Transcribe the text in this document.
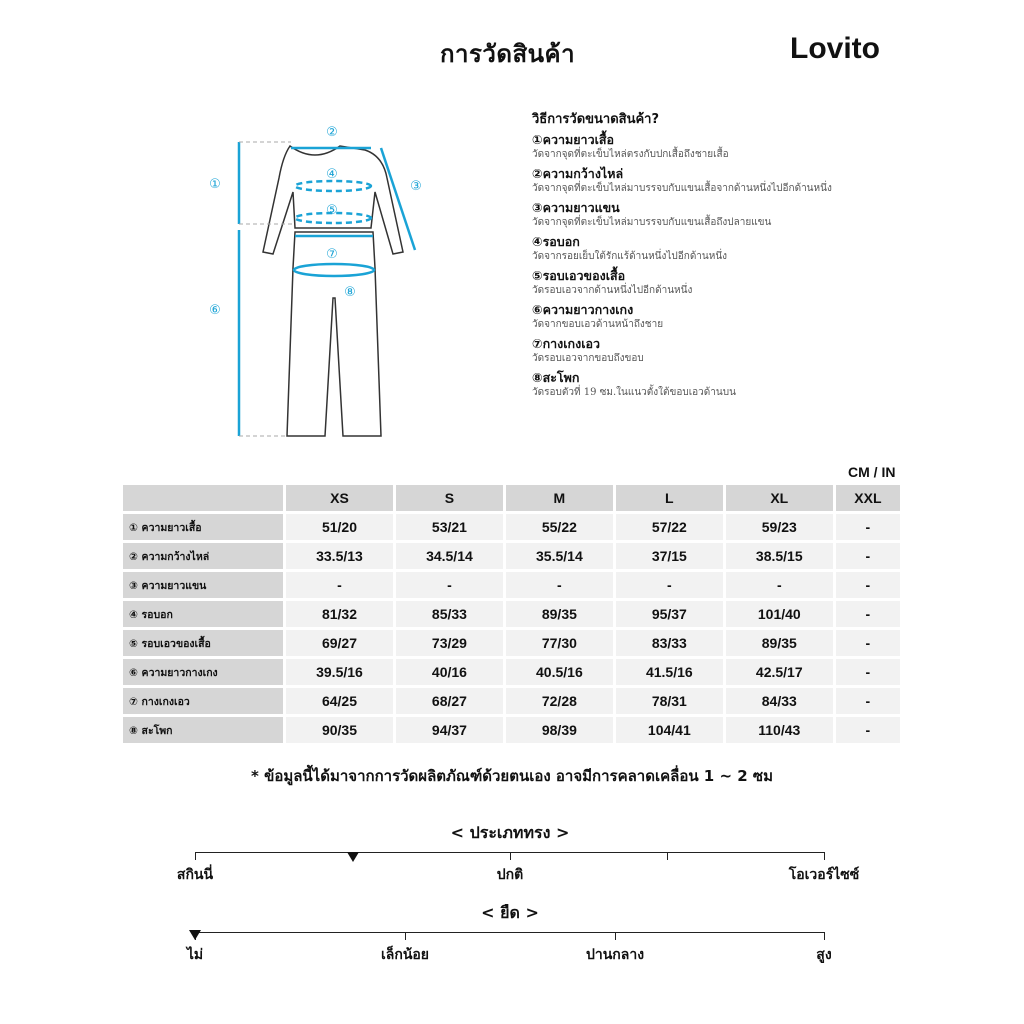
การวัดสินค้า	Lovito
①
②
③
④
⑤
⑥
⑦
⑧
วิธีการวัดขนาดสินค้า?
①ความยาวเสื้อ
วัดจากจุดที่ตะเข็บไหล่ตรงกับปกเสื้อถึงชายเสื้อ
②ความกว้างไหล่
วัดจากจุดที่ตะเข็บไหล่มาบรรจบกับแขนเสื้อจากด้านหนึ่งไปอีกด้านหนึ่ง
③ความยาวแขน
วัดจากจุดที่ตะเข็บไหล่มาบรรจบกับแขนเสื้อถึงปลายแขน
④รอบอก
วัดจากรอยเย็บใต้รักแร้ด้านหนึ่งไปอีกด้านหนึ่ง
⑤รอบเอวของเสื้อ
วัดรอบเอวจากด้านหนึ่งไปอีกด้านหนึ่ง
⑥ความยาวกางเกง
วัดจากขอบเอวด้านหน้าถึงชาย
⑦กางเกงเอว
วัดรอบเอวจากขอบถึงขอบ
⑧สะโพก
วัดรอบตัวที่ 19 ซม.ในแนวตั้งใต้ขอบเอวด้านบน
CM / IN
	XS	S	M	L	XL	XXL
① ความยาวเสื้อ	51/20	53/21	55/22	57/22	59/23	-
② ความกว้างไหล่	33.5/13	34.5/14	35.5/14	37/15	38.5/15	-
③ ความยาวแขน	-	-	-	-	-	-
④ รอบอก	81/32	85/33	89/35	95/37	101/40	-
⑤ รอบเอวของเสื้อ	69/27	73/29	77/30	83/33	89/35	-
⑥ ความยาวกางเกง	39.5/16	40/16	40.5/16	41.5/16	42.5/17	-
⑦ กางเกงเอว	64/25	68/27	72/28	78/31	84/33	-
⑧ สะโพก	90/35	94/37	98/39	104/41	110/43	-
* ข้อมูลนี้ได้มาจากการวัดผลิตภัณฑ์ด้วยตนเอง อาจมีการคลาดเคลื่อน 1 ~ 2 ซม
< ประเภททรง >
สกินนี่	ปกติ	โอเวอร์ไซซ์
< ยืด >
ไม่	เล็กน้อย	ปานกลาง	สูง
